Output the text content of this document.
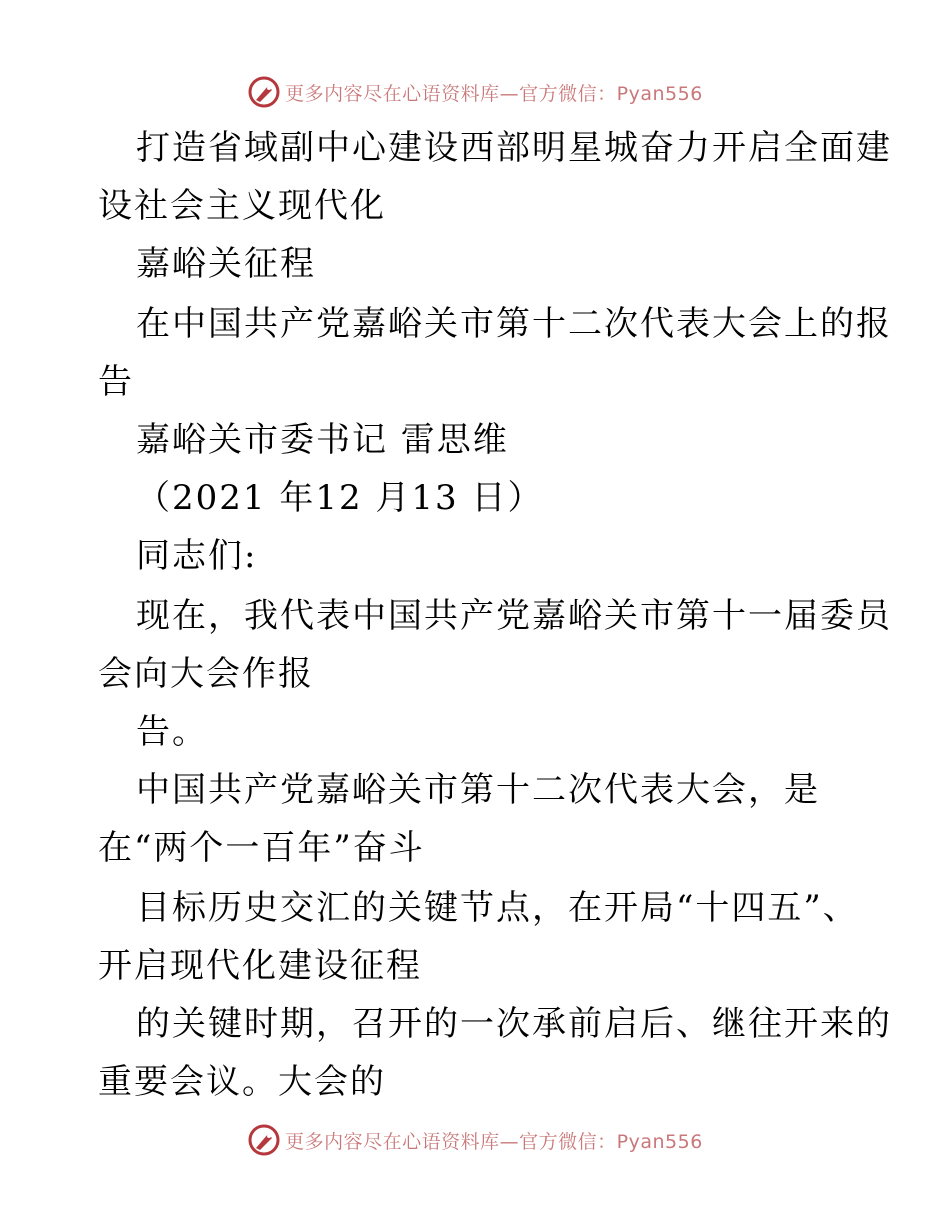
更多内容尽在心语资料库—官方微信：Pyan556
打造省域副中心建设西部明星城奋力开启全面建
设社会主义现代化
嘉峪关征程
在中国共产党嘉峪关市第十二次代表大会上的报
告
嘉峪关市委书记 雷思维
（2021 年12 月13 日）
同志们:
现在，我代表中国共产党嘉峪关市第十一届委员
会向大会作报
告。
中国共产党嘉峪关市第十二次代表大会，是
在“两个一百年”奋斗
目标历史交汇的关键节点，在开局“十四五”、
开启现代化建设征程
的关键时期，召开的一次承前启后、继往开来的
重要会议。大会的
更多内容尽在心语资料库—官方微信：Pyan556
